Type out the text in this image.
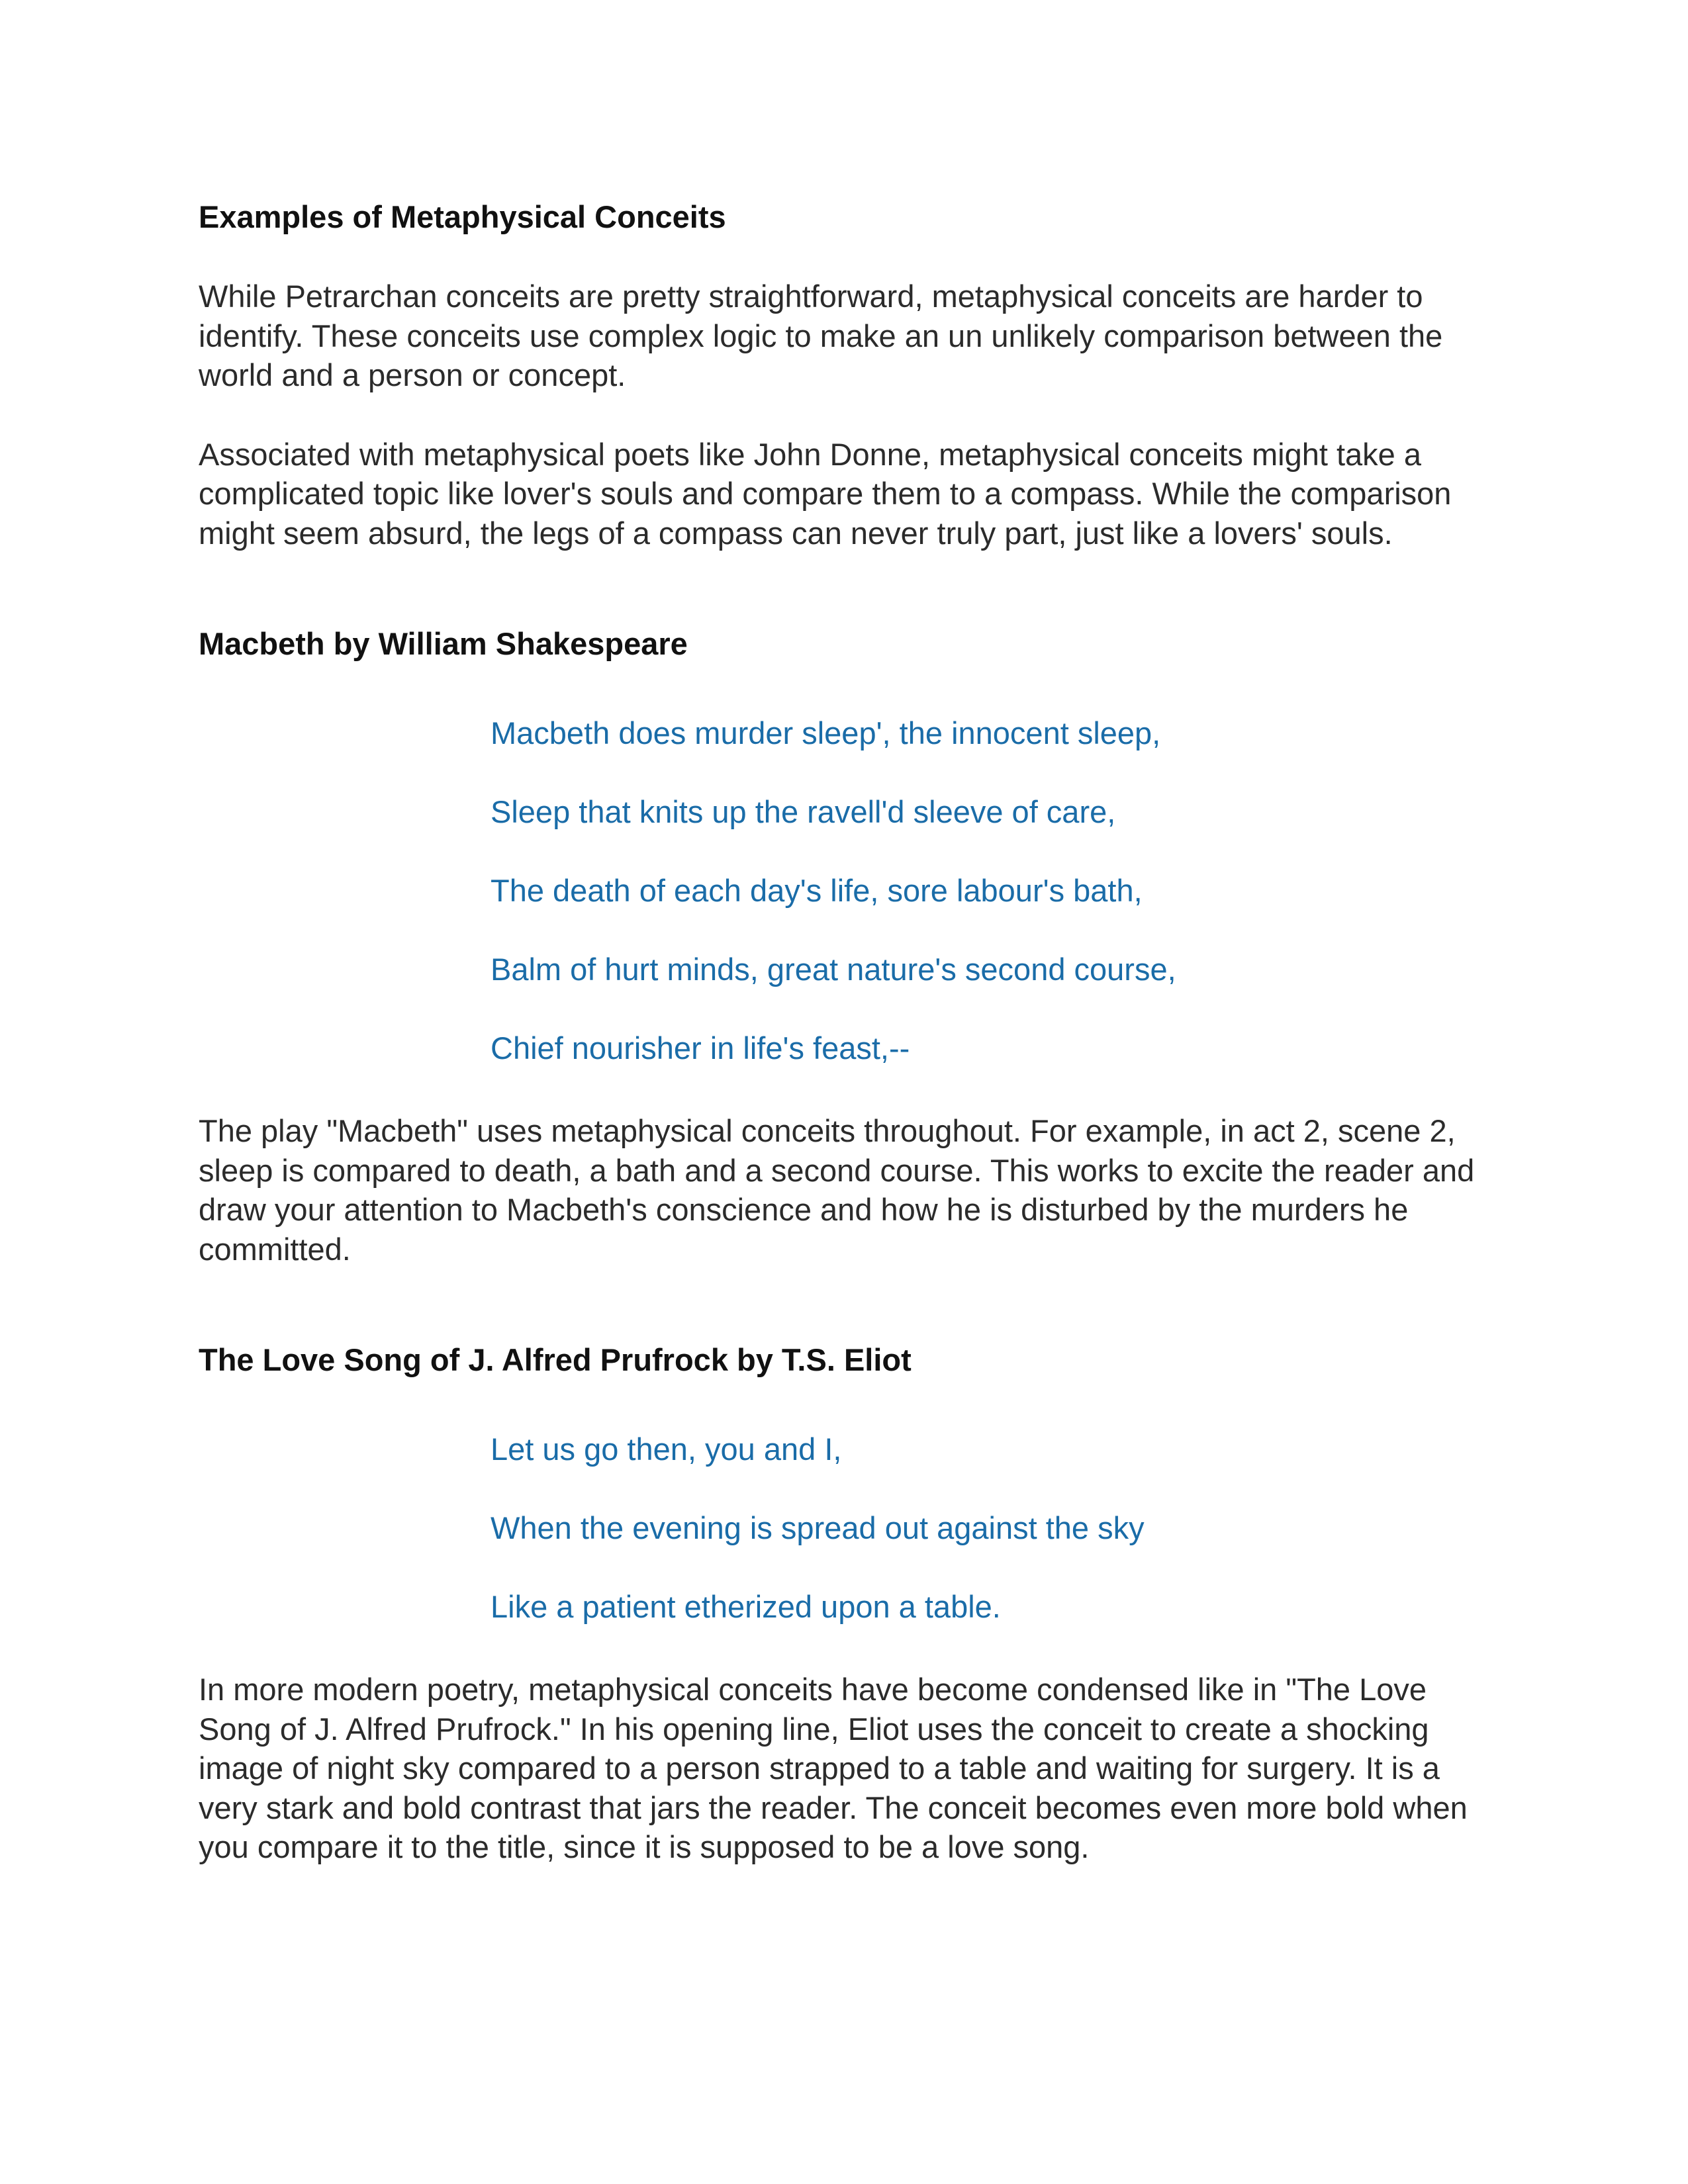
Examples of Metaphysical Conceits

While Petrarchan conceits are pretty straightforward, metaphysical conceits are harder to identify. These conceits use complex logic to make an un unlikely comparison between the world and a person or concept.

Associated with metaphysical poets like John Donne, metaphysical conceits might take a complicated topic like lover's souls and compare them to a compass. While the comparison might seem absurd, the legs of a compass can never truly part, just like a lovers' souls.

Macbeth by William Shakespeare

Macbeth does murder sleep', the innocent sleep,

Sleep that knits up the ravell'd sleeve of care,

The death of each day's life, sore labour's bath,

Balm of hurt minds, great nature's second course,

Chief nourisher in life's feast,--

The play "Macbeth" uses metaphysical conceits throughout. For example, in act 2, scene 2, sleep is compared to death, a bath and a second course. This works to excite the reader and draw your attention to Macbeth's conscience and how he is disturbed by the murders he committed.

The Love Song of J. Alfred Prufrock by T.S. Eliot

Let us go then, you and I,

When the evening is spread out against the sky

Like a patient etherized upon a table.

In more modern poetry, metaphysical conceits have become condensed like in "The Love Song of J. Alfred Prufrock." In his opening line, Eliot uses the conceit to create a shocking image of night sky compared to a person strapped to a table and waiting for surgery. It is a very stark and bold contrast that jars the reader. The conceit becomes even more bold when you compare it to the title, since it is supposed to be a love song.
